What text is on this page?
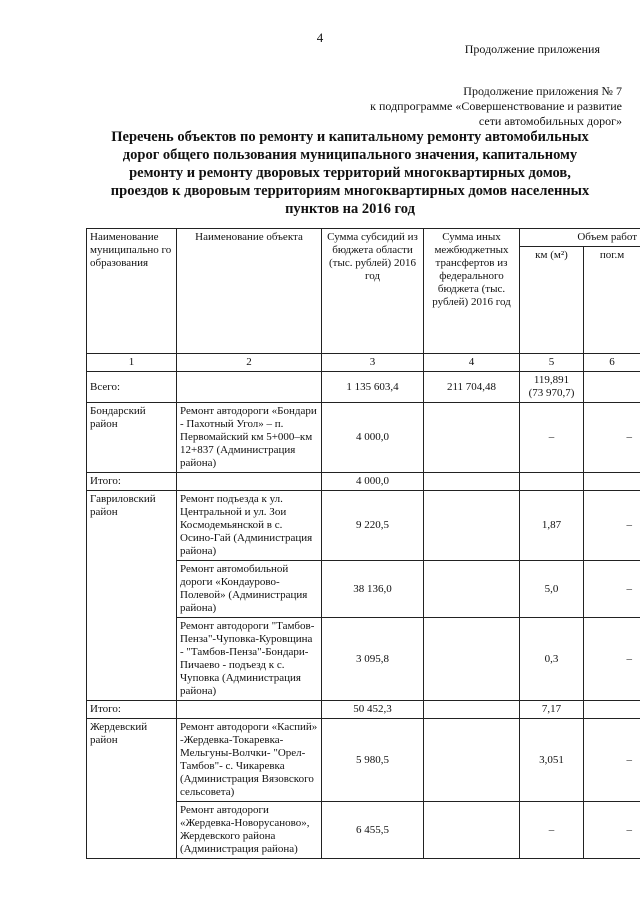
4
Продолжение приложения
Продолжение приложения № 7
к подпрограмме «Совершенствование и развитие
сети автомобильных дорог»
Перечень объектов по ремонту и капитальному ремонту автомобильных
дорог общего пользования муниципального значения, капитальному
ремонту и ремонту дворовых территорий многоквартирных домов,
проездов к дворовым территориям многоквартирных домов населенных
пунктов на 2016 год
Наименование муниципально го образования	Наименование объекта	Сумма субсидий из бюджета области (тыс. рублей) 2016 год	Сумма иных межбюджетных трансфертов из федерального бюджета (тыс. рублей) 2016 год	Объем работ	
				км (м²)	пог.м
1	2	3	4	5	6
Всего:		1 135 603,4	211 704,48	119,891
(73 970,7)	

Бондарский район	Ремонт автодороги «Бондари - Пахотный Угол» – п. Первомайский км 5+000–км 12+837 (Администрация района)	4 000,0		–	–
Итого:		4 000,0			
Гавриловский район	Ремонт подъезда к ул. Центральной и ул. Зои Космодемьянской в с. Осино-Гай (Администрация района)	9 220,5		1,87	–
	Ремонт автомобильной дороги «Кондаурово-Полевой» (Администрация района)	38 136,0		5,0	–
	Ремонт автодороги "Тамбов-Пенза"-Чуповка-Куровщина - "Тамбов-Пенза"-Бондари-Пичаево - подъезд к с. Чуповка (Администрация района)	3 095,8		0,3	–
Итого:		50 452,3		7,17	
Жердевский район	Ремонт автодороги «Каспий» -Жердевка-Токаревка-Мельгуны-Волчки- "Орел-Тамбов"- с. Чикаревка (Администрация Вязовского сельсовета)	5 980,5		3,051	–
	Ремонт автодороги «Жердевка-Новорусаново», Жердевского района (Администрация района)	6 455,5		–	–
